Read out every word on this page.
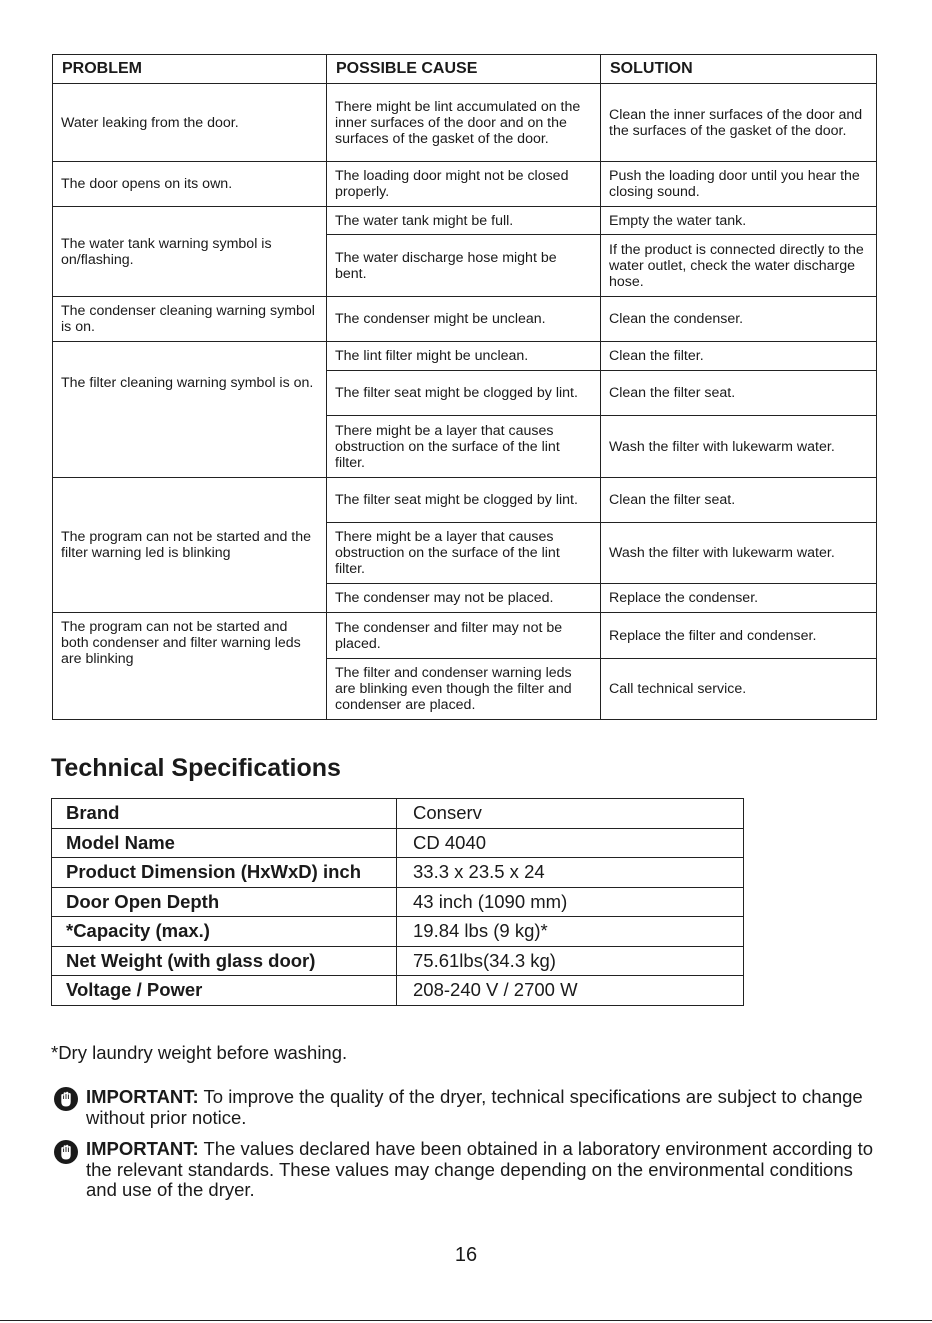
PROBLEM	POSSIBLE CAUSE	SOLUTION
Water leaking from the door.	There might be lint accumulated on the inner surfaces of the door and on the surfaces of the gasket of the door.	Clean the inner surfaces of the door and the surfaces of the gasket of the door.
The door opens on its own.	The loading door might not be closed properly.	Push the loading door until you hear the closing sound.
The water tank warning symbol is on/flashing.	The water tank might be full.	Empty the water tank.
	The water discharge hose might be bent.	If the product is connected directly to the water outlet, check the water discharge hose.
The condenser cleaning warning symbol is on.	The condenser might be unclean.	Clean the condenser.
The filter cleaning warning symbol is on.	The lint filter might be unclean.	Clean the filter.
	The filter seat might be clogged by lint.	Clean the filter seat.
	There might be a layer that causes obstruction on the surface of the lint filter.	Wash the filter with lukewarm water.
The program can not be started and the filter warning led is blinking	The filter seat might be clogged by lint.	Clean the filter seat.
	There might be a layer that causes obstruction on the surface of the lint filter.	Wash the filter with lukewarm water.
	The condenser may not be placed.	Replace the condenser.
The program can not be started and both condenser and filter warning leds are blinking	The condenser and filter may not be placed.	Replace the filter and condenser.
	The filter and condenser warning leds are blinking even though the filter and condenser are placed.	Call technical service.
Technical Specifications
Brand	Conserv
Model Name	CD 4040
Product Dimension (HxWxD) inch	33.3 x 23.5 x 24
Door Open Depth	43 inch (1090 mm)
*Capacity (max.)	19.84 lbs (9 kg)*
Net Weight (with glass door)	75.61lbs(34.3 kg)
Voltage / Power	208-240 V / 2700 W
*Dry laundry weight before washing.
IMPORTANT: To improve the quality of the dryer, technical specifications are subject to change without prior notice.
IMPORTANT: The values declared have been obtained in a laboratory environment according to the relevant standards. These values may change depending on the environmental conditions and use of the dryer.
16
